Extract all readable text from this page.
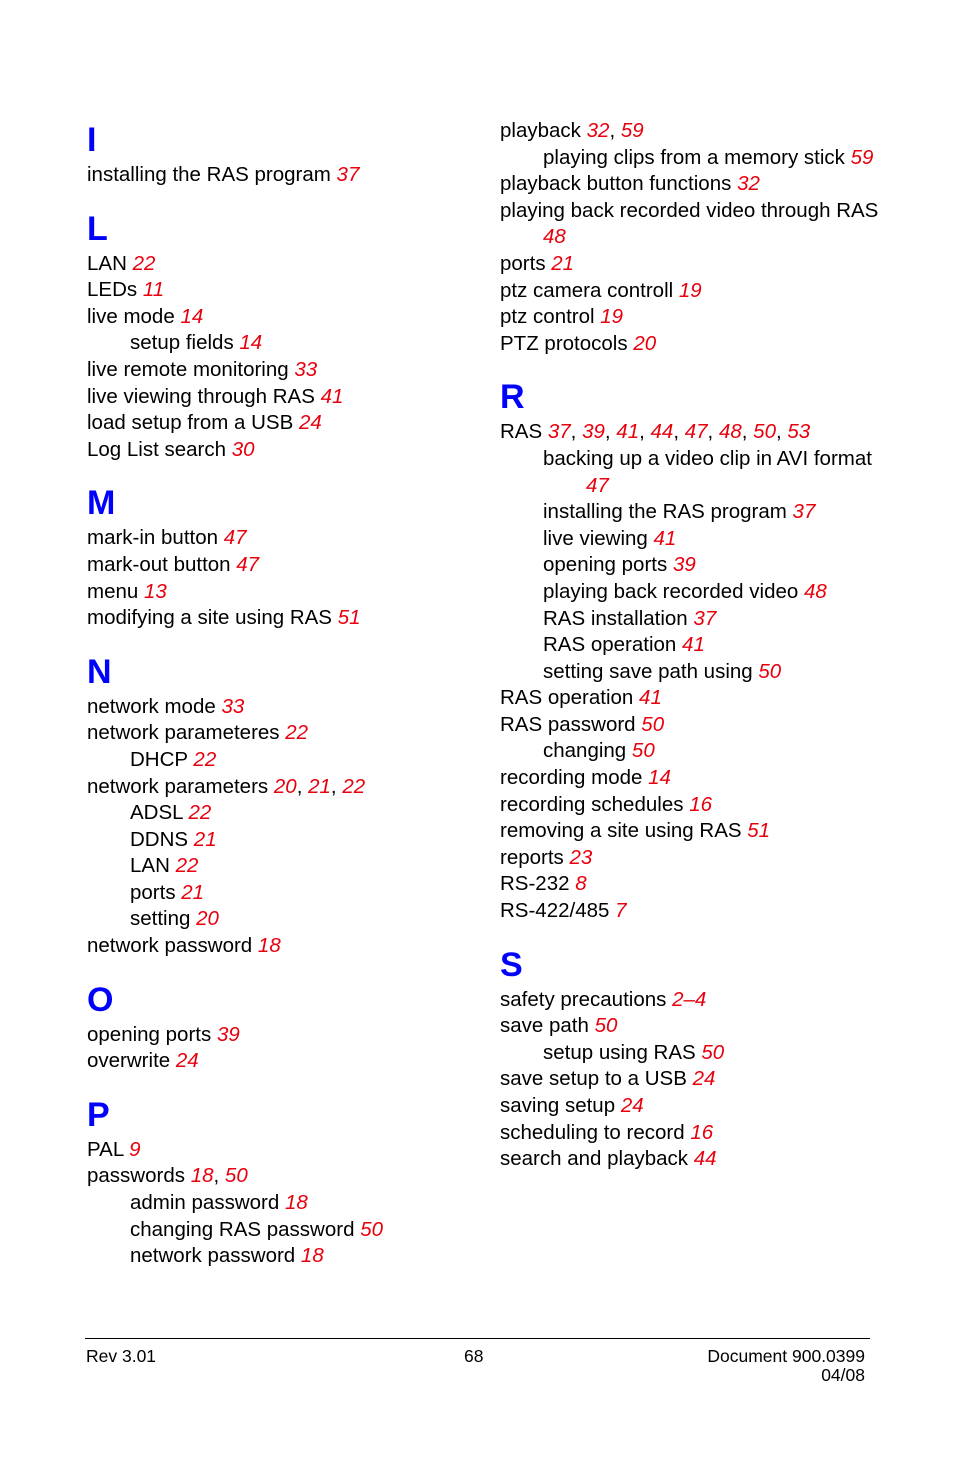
I
installing the RAS program 37
L
LAN 22
LEDs 11
live mode 14
setup fields 14
live remote monitoring 33
live viewing through RAS 41
load setup from a USB 24
Log List search 30
M
mark-in button 47
mark-out button 47
menu 13
modifying a site using RAS 51
N
network mode 33
network parameteres 22
DHCP 22
network parameters 20, 21, 22
ADSL 22
DDNS 21
LAN 22
ports 21
setting 20
network password 18
O
opening ports 39
overwrite 24
P
PAL 9
passwords 18, 50
admin password 18
changing RAS password 50
network password 18
playback 32, 59
playing clips from a memory stick 59
playback button functions 32
playing back recorded video through RAS 48
ports 21
ptz camera controll 19
ptz control 19
PTZ protocols 20
R
RAS 37, 39, 41, 44, 47, 48, 50, 53
backing up a video clip in AVI format 47
installing the RAS program 37
live viewing 41
opening ports 39
playing back recorded video 48
RAS installation 37
RAS operation 41
setting save path using 50
RAS operation 41
RAS password 50
changing 50
recording mode 14
recording schedules 16
removing a site using RAS 51
reports 23
RS-232 8
RS-422/485 7
S
safety precautions 2–4
save path 50
setup using RAS 50
save setup to a USB 24
saving setup 24
scheduling to record 16
search and playback 44
Rev 3.01	68	Document 900.0399
04/08
